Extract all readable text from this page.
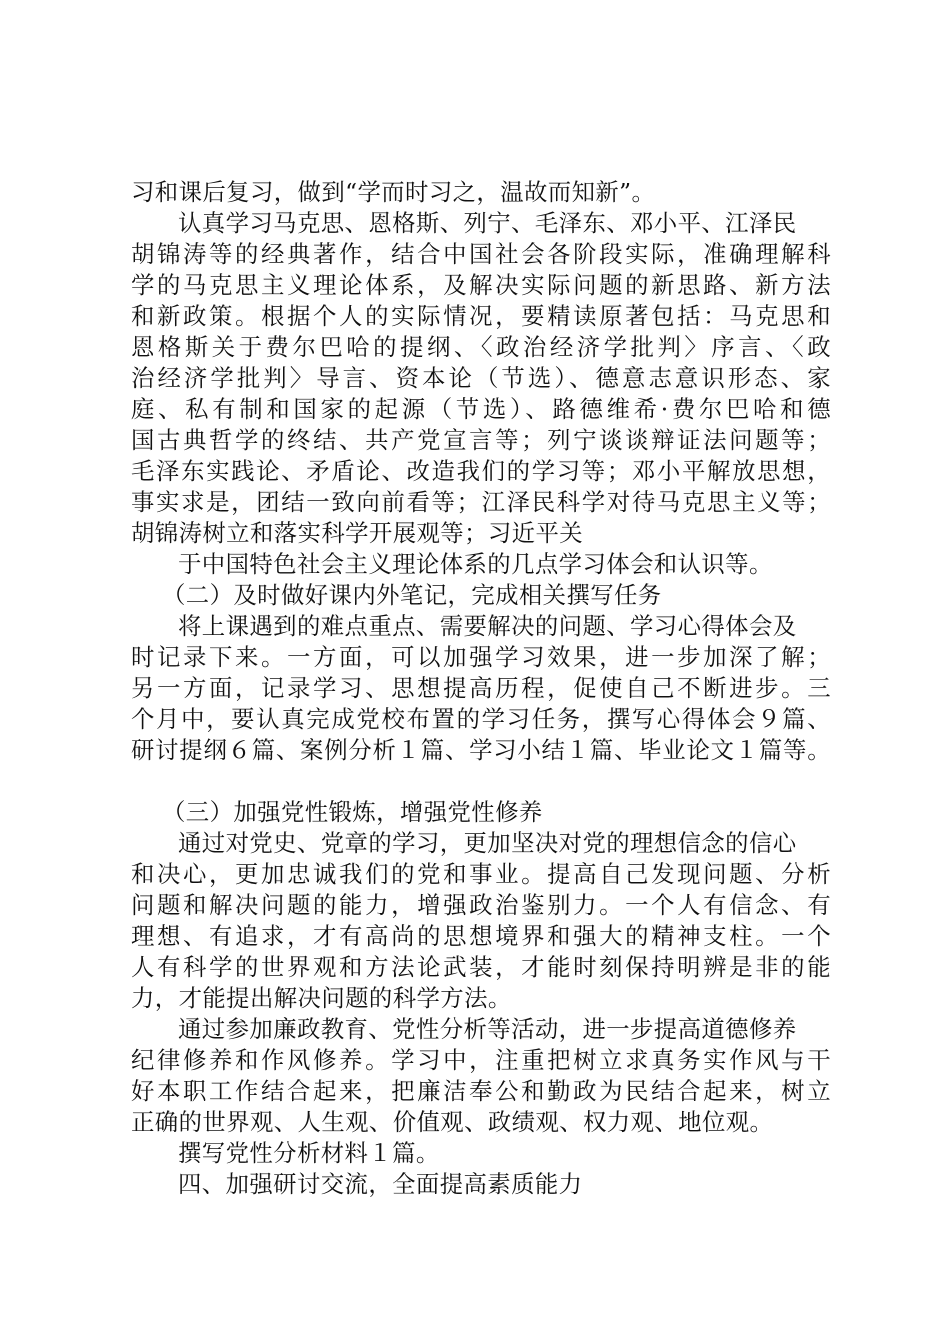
习和课后复习，做到“学而时习之，温故而知新”。
认真学习马克思、恩格斯、列宁、毛泽东、邓小平、江泽民
胡锦涛等的经典著作，结合中国社会各阶段实际，准确理解科
学的马克思主义理论体系，及解决实际问题的新思路、新方法
和新政策。根据个人的实际情况，要精读原著包括：马克思和
恩格斯关于费尔巴哈的提纲、〈政治经济学批判〉序言、〈政
治经济学批判〉导言、资本论（节选）、德意志意识形态、家
庭、私有制和国家的起源（节选）、路德维希·费尔巴哈和德
国古典哲学的终结、共产党宣言等；列宁谈谈辩证法问题等；
毛泽东实践论、矛盾论、改造我们的学习等；邓小平解放思想，
事实求是，团结一致向前看等；江泽民科学对待马克思主义等；
胡锦涛树立和落实科学开展观等；习近平关
于中国特色社会主义理论体系的几点学习体会和认识等。
（二）及时做好课内外笔记，完成相关撰写任务
将上课遇到的难点重点、需要解决的问题、学习心得体会及
时记录下来。一方面，可以加强学习效果，进一步加深了解；
另一方面，记录学习、思想提高历程，促使自己不断进步。三
个月中，要认真完成党校布置的学习任务，撰写心得体会９篇、
研讨提纲６篇、案例分析１篇、学习小结１篇、毕业论文１篇等。
（三）加强党性锻炼，增强党性修养
通过对党史、党章的学习，更加坚决对党的理想信念的信心
和决心，更加忠诚我们的党和事业。提高自己发现问题、分析
问题和解决问题的能力，增强政治鉴别力。一个人有信念、有
理想、有追求，才有高尚的思想境界和强大的精神支柱。一个
人有科学的世界观和方法论武装，才能时刻保持明辨是非的能
力，才能提出解决问题的科学方法。
通过参加廉政教育、党性分析等活动，进一步提高道德修养
纪律修养和作风修养。学习中，注重把树立求真务实作风与干
好本职工作结合起来，把廉洁奉公和勤政为民结合起来，树立
正确的世界观、人生观、价值观、政绩观、权力观、地位观。
撰写党性分析材料１篇。
四、加强研讨交流，全面提高素质能力
